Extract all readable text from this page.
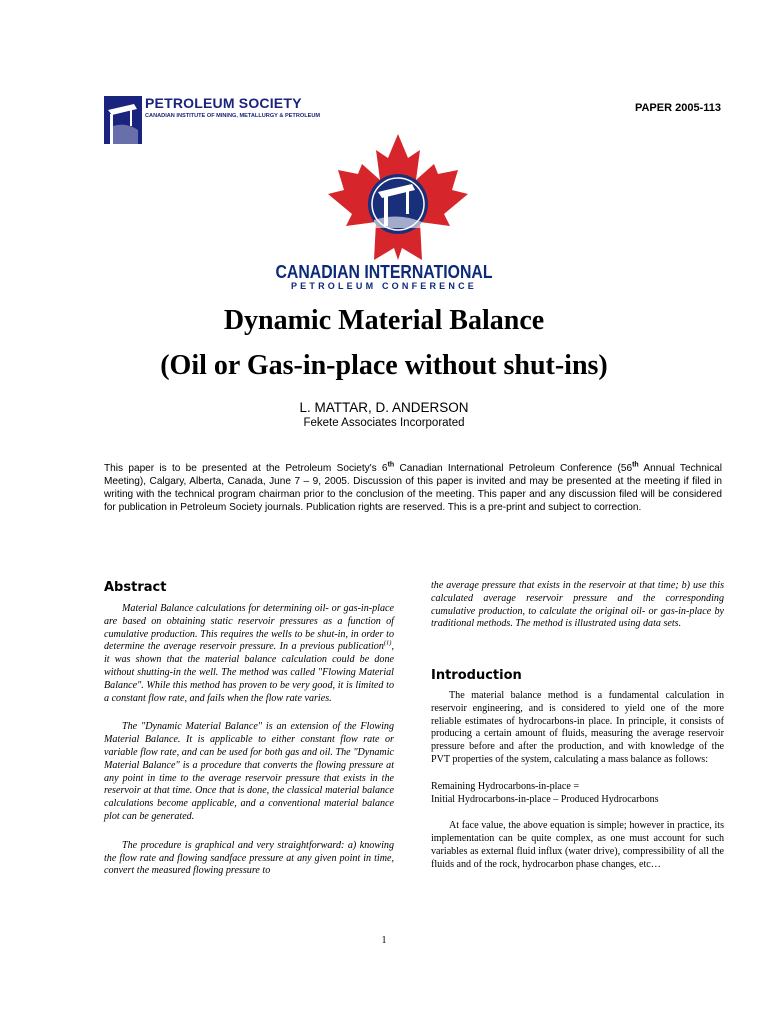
PETROLEUM SOCIETY
CANADIAN INSTITUTE OF MINING, METALLURGY & PETROLEUM
PAPER 2005-113
CANADIAN INTERNATIONAL
PETROLEUM CONFERENCE
Dynamic Material Balance
(Oil or Gas-in-place without shut-ins)
L. MATTAR, D. ANDERSON
Fekete Associates Incorporated
This paper is to be presented at the Petroleum Society's 6th Canadian International Petroleum Conference (56th Annual Technical Meeting), Calgary, Alberta, Canada, June 7 – 9, 2005. Discussion of this paper is invited and may be presented at the meeting if filed in writing with the technical program chairman prior to the conclusion of the meeting. This paper and any discussion filed will be considered for publication in Petroleum Society journals. Publication rights are reserved. This is a pre-print and subject to correction.
Abstract

Material Balance calculations for determining oil- or gas-in-place are based on obtaining static reservoir pressures as a function of cumulative production. This requires the wells to be shut-in, in order to determine the average reservoir pressure. In a previous publication$^{(1)}$, it was shown that the material balance calculation could be done without shutting-in the well. The method was called "Flowing Material Balance". While this method has proven to be very good, it is limited to a constant flow rate, and fails when the flow rate varies.

The "Dynamic Material Balance" is an extension of the Flowing Material Balance. It is applicable to either constant flow rate or variable flow rate, and can be used for both gas and oil. The "Dynamic Material Balance" is a procedure that converts the flowing pressure at any point in time to the average reservoir pressure that exists in the reservoir at that time. Once that is done, the classical material balance calculations become applicable, and a conventional material balance plot can be generated.

The procedure is graphical and very straightforward: a) knowing the flow rate and flowing sandface pressure at any given point in time, convert the measured flowing pressure to

the average pressure that exists in the reservoir at that time; b) use this calculated average reservoir pressure and the corresponding cumulative production, to calculate the original oil- or gas-in-place by traditional methods. The method is illustrated using data sets.

Introduction

The material balance method is a fundamental calculation in reservoir engineering, and is considered to yield one of the more reliable estimates of hydrocarbons-in place. In principle, it consists of producing a certain amount of fluids, measuring the average reservoir pressure before and after the production, and with knowledge of the PVT properties of the system, calculating a mass balance as follows:

Remaining Hydrocarbons-in-place =

Initial Hydrocarbons-in-place – Produced Hydrocarbons

At face value, the above equation is simple; however in practice, its implementation can be quite complex, as one must account for such variables as external fluid influx (water drive), compressibility of all the fluids and of the rock, hydrocarbon phase changes, etc…

1
